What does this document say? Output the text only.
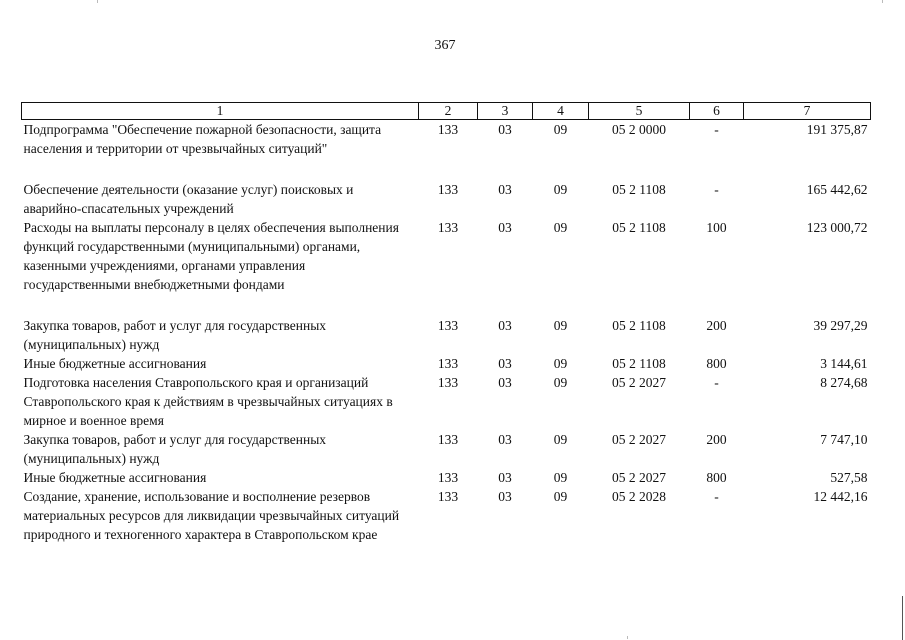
367
1	2	3	4	5	6	7
Подпрограмма "Обеспечение пожарной безопасности, защита населения и территории от чрезвычайных ситуаций"	133	03	09	05 2 0000	-	191 375,87

Обеспечение деятельности (оказание услуг) поисковых и аварийно-спасательных учреждений	133	03	09	05 2 1108	-	165 442,62
Расходы на выплаты персоналу в целях обеспечения выполнения функций государственными (муниципальными) органами, казенными учреждениями, органами управления государственными внебюджетными фондами	133	03	09	05 2 1108	100	123 000,72

Закупка товаров, работ и услуг для государственных (муниципальных) нужд	133	03	09	05 2 1108	200	39 297,29
Иные бюджетные ассигнования	133	03	09	05 2 1108	800	3 144,61
Подготовка населения Ставропольского края и организаций Ставропольского края к действиям в чрезвычайных ситуациях в мирное и военное время	133	03	09	05 2 2027	-	8 274,68
Закупка товаров, работ и услуг для государственных (муниципальных) нужд	133	03	09	05 2 2027	200	7 747,10
Иные бюджетные ассигнования	133	03	09	05 2 2027	800	527,58
Создание, хранение, использование и восполнение резервов материальных ресурсов для ликвидации чрезвычайных ситуаций природного и техногенного характера в Ставропольском крае	133	03	09	05 2 2028	-	12 442,16
